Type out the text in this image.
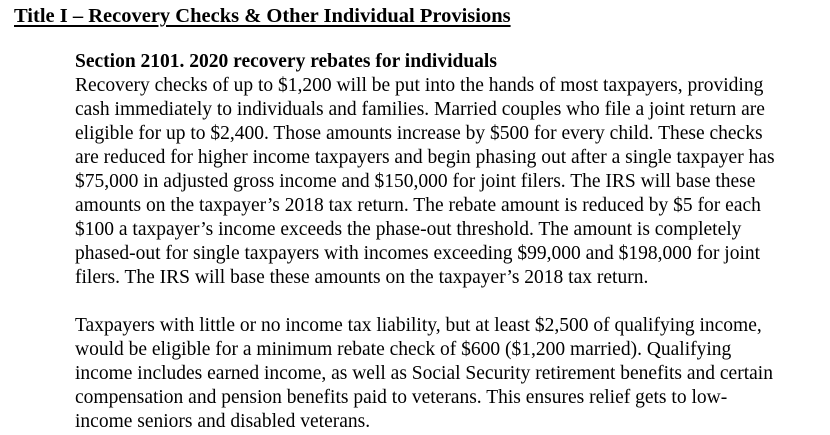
Title I – Recovery Checks & Other Individual Provisions
Section 2101. 2020 recovery rebates for individuals

Recovery checks of up to $1,200 will be put into the hands of most taxpayers, providing
cash immediately to individuals and families. Married couples who file a joint return are
eligible for up to $2,400. Those amounts increase by $500 for every child. These checks
are reduced for higher income taxpayers and begin phasing out after a single taxpayer has
$75,000 in adjusted gross income and $150,000 for joint filers. The IRS will base these
amounts on the taxpayer’s 2018 tax return. The rebate amount is reduced by $5 for each
$100 a taxpayer’s income exceeds the phase-out threshold. The amount is completely
phased-out for single taxpayers with incomes exceeding $99,000 and $198,000 for joint
filers. The IRS will base these amounts on the taxpayer’s 2018 tax return.

Taxpayers with little or no income tax liability, but at least $2,500 of qualifying income,
would be eligible for a minimum rebate check of $600 ($1,200 married). Qualifying
income includes earned income, as well as Social Security retirement benefits and certain
compensation and pension benefits paid to veterans. This ensures relief gets to low-
income seniors and disabled veterans.
